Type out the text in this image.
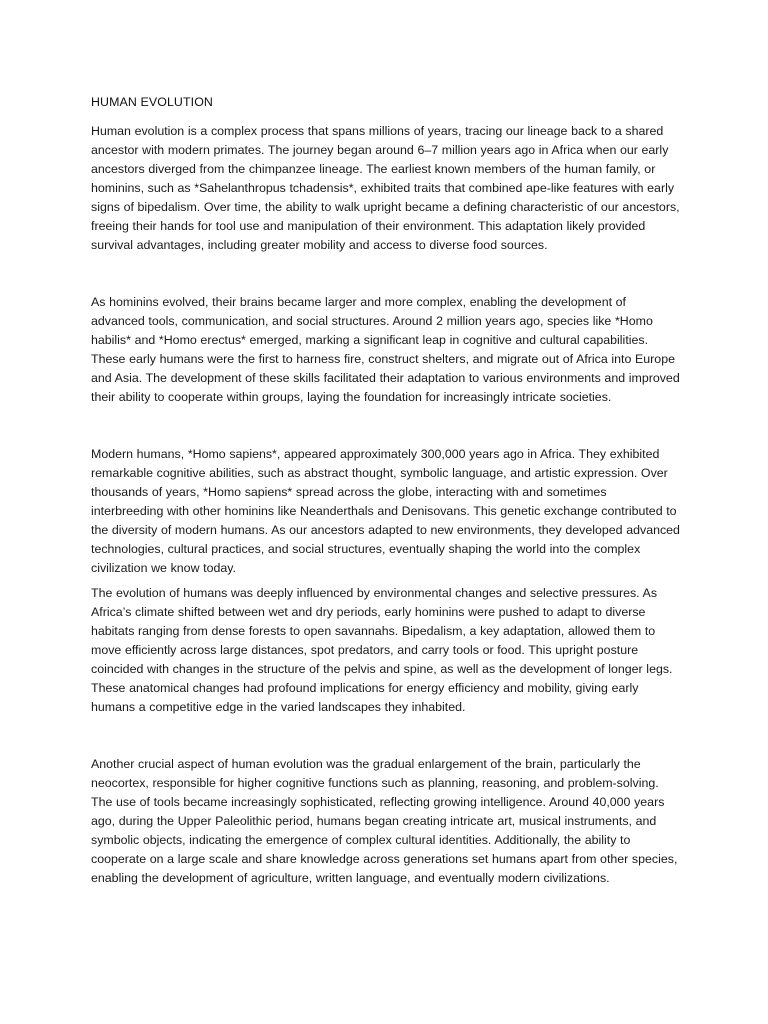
HUMAN EVOLUTION

Human evolution is a complex process that spans millions of years, tracing our lineage back to a shared ancestor with modern primates. The journey began around 6–7 million years ago in Africa when our early ancestors diverged from the chimpanzee lineage. The earliest known members of the human family, or hominins, such as *Sahelanthropus tchadensis*, exhibited traits that combined ape-like features with early signs of bipedalism. Over time, the ability to walk upright became a defining characteristic of our ancestors, freeing their hands for tool use and manipulation of their environment. This adaptation likely provided survival advantages, including greater mobility and access to diverse food sources.

As hominins evolved, their brains became larger and more complex, enabling the development of advanced tools, communication, and social structures. Around 2 million years ago, species like *Homo habilis* and *Homo erectus* emerged, marking a significant leap in cognitive and cultural capabilities. These early humans were the first to harness fire, construct shelters, and migrate out of Africa into Europe and Asia. The development of these skills facilitated their adaptation to various environments and improved their ability to cooperate within groups, laying the foundation for increasingly intricate societies.

Modern humans, *Homo sapiens*, appeared approximately 300,000 years ago in Africa. They exhibited remarkable cognitive abilities, such as abstract thought, symbolic language, and artistic expression. Over thousands of years, *Homo sapiens* spread across the globe, interacting with and sometimes interbreeding with other hominins like Neanderthals and Denisovans. This genetic exchange contributed to the diversity of modern humans. As our ancestors adapted to new environments, they developed advanced technologies, cultural practices, and social structures, eventually shaping the world into the complex civilization we know today.

The evolution of humans was deeply influenced by environmental changes and selective pressures. As Africa’s climate shifted between wet and dry periods, early hominins were pushed to adapt to diverse habitats ranging from dense forests to open savannahs. Bipedalism, a key adaptation, allowed them to move efficiently across large distances, spot predators, and carry tools or food. This upright posture coincided with changes in the structure of the pelvis and spine, as well as the development of longer legs. These anatomical changes had profound implications for energy efficiency and mobility, giving early humans a competitive edge in the varied landscapes they inhabited.

Another crucial aspect of human evolution was the gradual enlargement of the brain, particularly the neocortex, responsible for higher cognitive functions such as planning, reasoning, and problem-solving. The use of tools became increasingly sophisticated, reflecting growing intelligence. Around 40,000 years ago, during the Upper Paleolithic period, humans began creating intricate art, musical instruments, and symbolic objects, indicating the emergence of complex cultural identities. Additionally, the ability to cooperate on a large scale and share knowledge across generations set humans apart from other species, enabling the development of agriculture, written language, and eventually modern civilizations.
